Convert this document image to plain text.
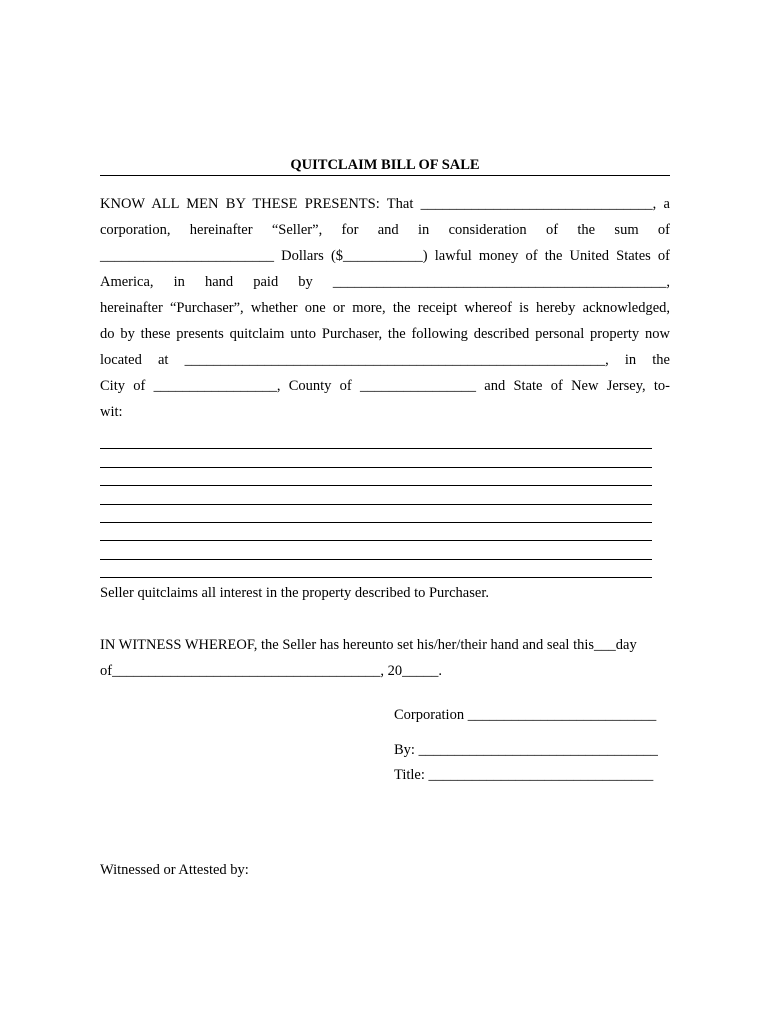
QUITCLAIM BILL OF SALE
KNOW ALL MEN BY THESE PRESENTS: That ________________________________, a
corporation, hereinafter “Seller”, for and in consideration of the sum of
________________________ Dollars ($___________) lawful money of the United States of
America, in hand paid by ______________________________________________,
hereinafter “Purchaser”, whether one or more, the receipt whereof is hereby acknowledged,
do by these presents quitclaim unto Purchaser, the following described personal property now
located at __________________________________________________________, in the
City of _________________, County of ________________ and State of New Jersey, to-
wit:
Seller quitclaims all interest in the property described to Purchaser.
IN WITNESS WHEREOF, the Seller has hereunto set his/her/their hand and seal this___day
of_____________________________________, 20_____.
Corporation __________________________
By: _________________________________
Title: _______________________________
Witnessed or Attested by:
